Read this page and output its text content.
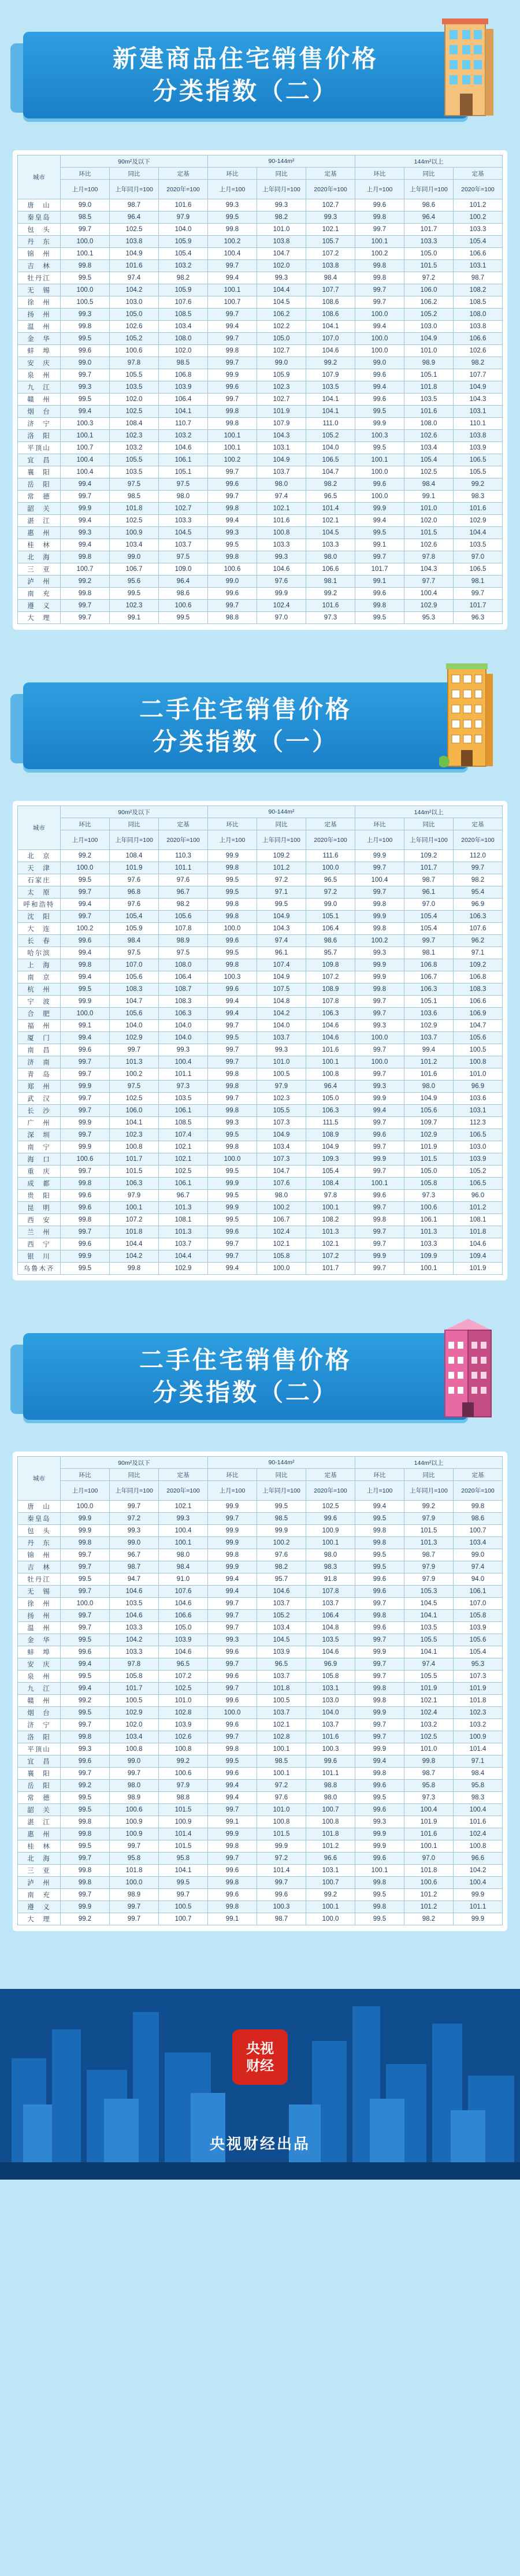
新建商品住宅销售价格
分类指数（二）
城市	90m²及以下			90-144m²			144m²以上		
	环比	同比	定基	环比	同比	定基	环比	同比	定基
	上月=100	上年同月=100	2020年=100	上月=100	上年同月=100	2020年=100	上月=100	上年同月=100	2020年=100
唐　山	99.0	98.7	101.6	99.3	99.3	102.7	99.6	98.6	101.2
秦皇岛	98.5	96.4	97.9	99.5	98.2	99.3	99.8	96.4	100.2
包　头	99.7	102.5	104.0	99.8	101.0	102.1	99.7	101.7	103.3
丹　东	100.0	103.8	105.9	100.2	103.8	105.7	100.1	103.3	105.4
锦　州	100.1	104.9	105.4	100.4	104.7	107.2	100.2	105.0	106.6
吉　林	99.8	101.6	103.2	99.7	102.0	103.8	99.8	101.5	103.1
牡丹江	99.5	97.4	98.2	99.4	99.3	98.4	99.8	97.2	98.7
无　锡	100.0	104.2	105.9	100.1	104.4	107.7	99.7	106.0	108.2
徐　州	100.5	103.0	107.6	100.7	104.5	108.6	99.7	106.2	108.5
扬　州	99.3	105.0	108.5	99.7	106.2	108.6	100.0	105.2	108.0
温　州	99.8	102.6	103.4	99.4	102.2	104.1	99.4	103.0	103.8
金　华	99.5	105.2	108.0	99.7	105.0	107.0	100.0	104.9	106.6
蚌　埠	99.6	100.6	102.0	99.8	102.7	104.6	100.0	101.0	102.6
安　庆	99.0	97.8	98.5	99.7	99.0	99.2	99.0	98.9	98.2
泉　州	99.7	105.5	106.8	99.9	105.9	107.9	99.6	105.1	107.7
九　江	99.3	103.5	103.9	99.6	102.3	103.5	99.4	101.8	104.9
赣　州	99.5	102.0	106.4	99.7	102.7	104.1	99.6	103.5	104.3
烟　台	99.4	102.5	104.1	99.8	101.9	104.1	99.5	101.6	103.1
济　宁	100.3	108.4	110.7	99.8	107.9	111.0	99.9	108.0	110.1
洛　阳	100.1	102.3	103.2	100.1	104.3	105.2	100.3	102.6	103.8
平顶山	100.7	103.2	104.6	100.1	103.1	104.0	99.5	103.4	103.9
宜　昌	100.4	105.5	106.1	100.2	104.9	106.5	100.1	105.4	106.5
襄　阳	100.4	103.5	105.1	99.7	103.7	104.7	100.0	102.5	105.5
岳　阳	99.4	97.5	97.5	99.6	98.0	98.2	99.6	98.4	99.2
常　德	99.7	98.5	98.0	99.7	97.4	96.5	100.0	99.1	98.3
韶　关	99.9	101.8	102.7	99.8	102.1	101.4	99.9	101.0	101.6
湛　江	99.4	102.5	103.3	99.4	101.6	102.1	99.4	102.0	102.9
惠　州	99.3	100.9	104.5	99.3	100.8	104.5	99.5	101.5	104.4
桂　林	99.4	103.4	103.7	99.5	103.3	103.3	99.1	102.6	103.5
北　海	99.8	99.0	97.5	99.8	99.3	98.0	99.7	97.8	97.0
三　亚	100.7	106.7	109.0	100.6	104.6	106.6	101.7	104.3	106.5
泸　州	99.2	95.6	96.4	99.0	97.6	98.1	99.1	97.7	98.1
南　充	99.8	99.5	98.6	99.6	99.9	99.2	99.6	100.4	99.7
遵　义	99.7	102.3	100.6	99.7	102.4	101.6	99.8	102.9	101.7
大　理	99.7	99.1	99.5	98.8	97.0	97.3	99.5	95.3	96.3
二手住宅销售价格
分类指数（一）
城市	90m²及以下			90-144m²			144m²以上		
	环比	同比	定基	环比	同比	定基	环比	同比	定基
	上月=100	上年同月=100	2020年=100	上月=100	上年同月=100	2020年=100	上月=100	上年同月=100	2020年=100
北　京	99.2	108.4	110.3	99.9	109.2	111.6	99.9	109.2	112.0
天　津	100.0	101.9	101.1	99.8	101.2	100.0	99.7	101.7	99.7
石家庄	99.5	97.6	97.6	99.5	97.2	96.5	100.4	98.7	98.2
太　原	99.7	96.8	96.7	99.5	97.1	97.2	99.7	96.1	95.4
呼和浩特	99.4	97.6	98.2	99.8	99.5	99.0	99.8	97.0	96.9
沈　阳	99.7	105.4	105.6	99.8	104.9	105.1	99.9	105.4	106.3
大　连	100.2	105.9	107.8	100.0	104.3	106.4	99.8	105.4	107.6
长　春	99.6	98.4	98.9	99.6	97.4	98.6	100.2	99.7	96.2
哈尔滨	99.4	97.5	97.5	99.5	96.1	95.7	99.3	98.1	97.1
上　海	99.8	107.0	108.0	99.8	107.4	109.8	99.9	106.8	109.2
南　京	99.4	105.6	106.4	100.3	104.9	107.2	99.9	106.7	106.8
杭　州	99.5	108.3	108.7	99.6	107.5	108.9	99.8	106.3	108.3
宁　波	99.9	104.7	108.3	99.4	104.8	107.8	99.7	105.1	106.6
合　肥	100.0	105.6	106.3	99.4	104.2	106.3	99.7	103.6	106.9
福　州	99.1	104.0	104.0	99.7	104.0	104.6	99.3	102.9	104.7
厦　门	99.4	102.9	104.0	99.5	103.7	104.6	100.0	103.7	105.6
南　昌	99.6	99.7	99.3	99.7	99.3	101.6	99.7	99.4	100.5
济　南	99.7	101.3	100.4	99.7	101.0	100.1	100.0	101.2	100.8
青　岛	99.7	100.2	101.1	99.8	100.5	100.8	99.7	101.6	101.0
郑　州	99.9	97.5	97.3	99.8	97.9	96.4	99.3	98.0	96.9
武　汉	99.7	102.5	103.5	99.7	102.3	105.0	99.9	104.9	103.6
长　沙	99.7	106.0	106.1	99.8	105.5	106.3	99.4	105.6	103.1
广　州	99.9	104.1	108.5	99.3	107.3	111.5	99.7	109.7	112.3
深　圳	99.7	102.3	107.4	99.5	104.9	108.9	99.6	102.9	106.5
南　宁	99.9	100.8	102.1	99.8	103.4	104.9	99.7	101.9	103.0
海　口	100.6	101.7	102.1	100.0	107.3	109.3	99.9	101.5	103.9
重　庆	99.7	101.5	102.5	99.5	104.7	105.4	99.7	105.0	105.2
成　都	99.8	106.3	106.1	99.9	107.6	108.4	100.1	105.8	106.5
贵　阳	99.6	97.9	96.7	99.5	98.0	97.8	99.6	97.3	96.0
昆　明	99.6	100.1	101.3	99.9	100.2	100.1	99.7	100.6	101.2
西　安	99.8	107.2	108.1	99.5	106.7	108.2	99.8	106.1	108.1
兰　州	99.7	101.8	101.3	99.6	102.4	101.3	99.7	101.3	101.8
西　宁	99.6	104.4	103.7	99.7	102.1	102.1	99.7	103.3	104.6
银　川	99.9	104.2	104.4	99.7	105.8	107.2	99.9	109.9	109.4
乌鲁木齐	99.5	99.8	102.9	99.4	100.0	101.7	99.7	100.1	101.9
二手住宅销售价格
分类指数（二）
城市	90m²及以下			90-144m²			144m²以上		
	环比	同比	定基	环比	同比	定基	环比	同比	定基
	上月=100	上年同月=100	2020年=100	上月=100	上年同月=100	2020年=100	上月=100	上年同月=100	2020年=100
唐　山	100.0	99.7	102.1	99.9	99.5	102.5	99.4	99.2	99.8
秦皇岛	99.9	97.2	99.3	99.7	98.5	99.6	99.5	97.9	98.6
包　头	99.9	99.3	100.4	99.9	99.9	100.9	99.8	101.5	100.7
丹　东	99.8	99.0	100.1	99.9	100.2	100.1	99.8	101.3	103.4
锦　州	99.7	96.7	98.0	99.8	97.6	98.0	99.5	98.7	99.0
吉　林	99.7	98.7	98.4	99.9	98.2	98.3	99.5	97.9	97.4
牡丹江	99.5	94.7	91.0	99.4	95.7	91.8	99.6	97.9	94.0
无　锡	99.7	104.6	107.6	99.4	104.6	107.8	99.6	105.3	106.1
徐　州	100.0	103.5	104.6	99.7	103.7	103.7	99.7	104.5	107.0
扬　州	99.7	104.6	106.6	99.7	105.2	106.4	99.8	104.1	105.8
温　州	99.7	103.3	105.0	99.7	103.4	104.8	99.6	103.5	103.9
金　华	99.5	104.2	103.9	99.3	104.5	103.5	99.7	105.5	105.6
蚌　埠	99.6	103.3	104.6	99.6	103.9	104.6	99.9	104.1	105.4
安　庆	99.4	97.8	96.5	99.7	96.5	96.9	99.7	97.4	95.3
泉　州	99.5	105.8	107.2	99.6	103.7	105.8	99.7	105.5	107.3
九　江	99.4	101.7	102.5	99.7	101.8	103.1	99.8	101.9	101.9
赣　州	99.2	100.5	101.0	99.6	100.5	103.0	99.8	102.1	101.8
烟　台	99.5	102.9	102.8	100.0	103.7	104.0	99.9	102.4	102.3
济　宁	99.7	102.0	103.9	99.6	102.1	103.7	99.7	103.2	103.2
洛　阳	99.8	103.4	102.6	99.7	102.8	101.6	99.7	102.5	100.9
平顶山	99.3	100.8	100.8	99.8	100.1	100.3	99.9	101.0	101.4
宜　昌	99.6	99.0	99.2	99.5	98.5	99.6	99.4	99.8	97.1
襄　阳	99.7	99.7	100.6	99.6	100.1	101.1	99.8	98.7	98.4
岳　阳	99.2	98.0	97.9	99.4	97.2	98.8	99.6	95.8	95.8
常　德	99.5	98.9	98.8	99.4	97.6	98.0	99.5	97.3	98.3
韶　关	99.5	100.6	101.5	99.7	101.0	100.7	99.6	100.4	100.4
湛　江	99.8	100.9	100.9	99.1	100.8	100.8	99.3	101.9	101.6
惠　州	99.8	100.9	101.4	99.9	101.5	101.8	99.9	101.6	102.4
桂　林	99.5	99.7	101.5	99.8	99.9	101.2	99.9	100.1	100.8
北　海	99.7	95.8	95.8	99.7	97.2	96.6	99.6	97.0	96.6
三　亚	99.8	101.8	104.1	99.6	101.4	103.1	100.1	101.8	104.2
泸　州	99.8	100.0	99.5	99.8	99.7	100.7	99.8	100.6	100.4
南　充	99.7	98.9	99.7	99.6	99.6	99.2	99.5	101.2	99.9
遵　义	99.9	99.7	100.5	99.8	100.3	100.1	99.8	101.2	101.1
大　理	99.2	99.7	100.7	99.1	98.7	100.0	99.5	98.2	99.9
央视
财经
央视财经出品
